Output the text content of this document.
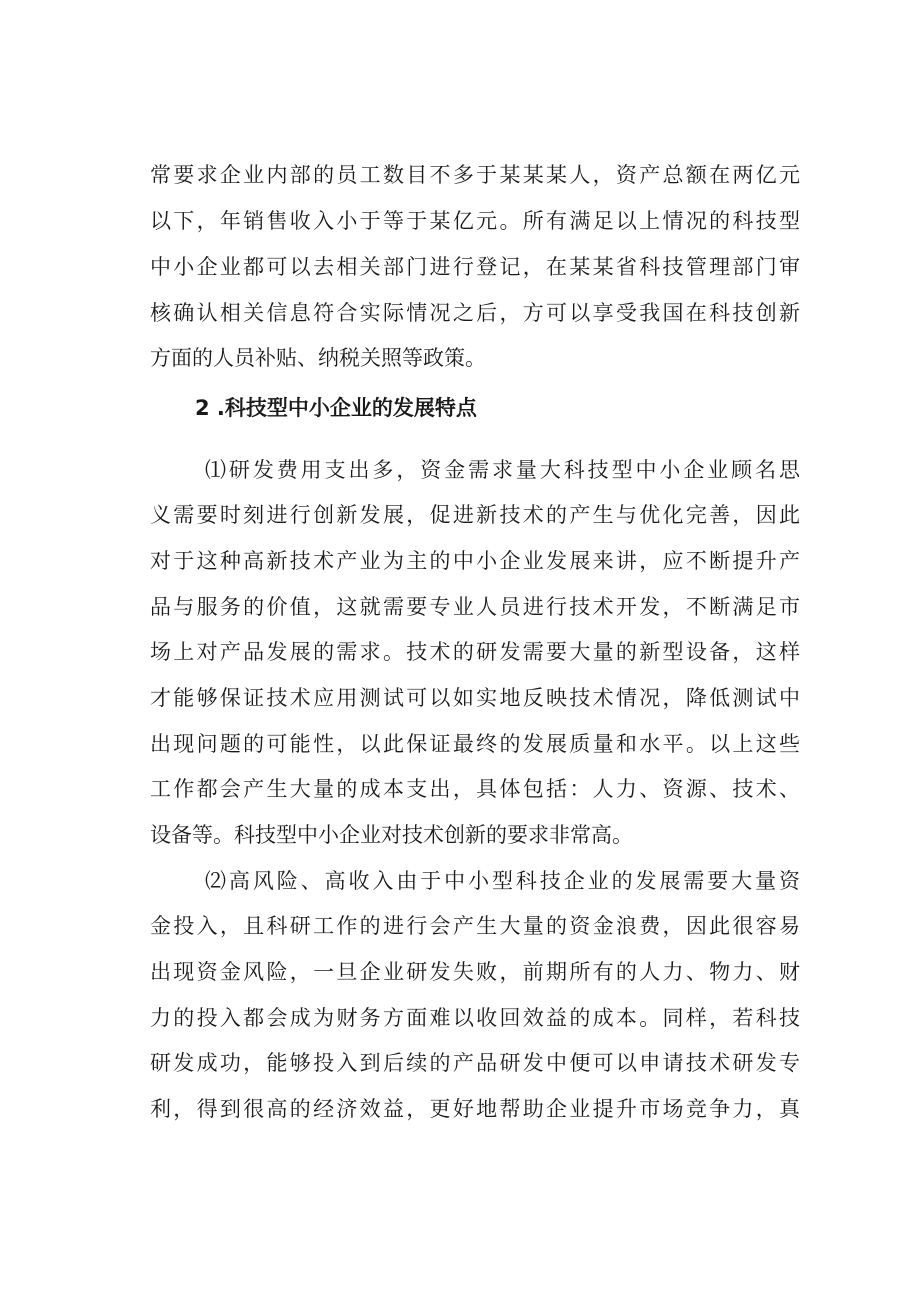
常要求企业内部的员工数目不多于某某某人，资产总额在两亿元
以下，年销售收入小于等于某亿元。所有满足以上情况的科技型
中小企业都可以去相关部门进行登记，在某某省科技管理部门审
核确认相关信息符合实际情况之后，方可以享受我国在科技创新
方面的人员补贴、纳税关照等政策。
2 .科技型中小企业的发展特点
⑴研发费用支出多，资金需求量大科技型中小企业顾名思
义需要时刻进行创新发展，促进新技术的产生与优化完善，因此
对于这种高新技术产业为主的中小企业发展来讲，应不断提升产
品与服务的价值，这就需要专业人员进行技术开发，不断满足市
场上对产品发展的需求。技术的研发需要大量的新型设备，这样
才能够保证技术应用测试可以如实地反映技术情况，降低测试中
出现问题的可能性，以此保证最终的发展质量和水平。以上这些
工作都会产生大量的成本支出，具体包括：人力、资源、技术、
设备等。科技型中小企业对技术创新的要求非常高。
⑵高风险、高收入由于中小型科技企业的发展需要大量资
金投入，且科研工作的进行会产生大量的资金浪费，因此很容易
出现资金风险，一旦企业研发失败，前期所有的人力、物力、财
力的投入都会成为财务方面难以收回效益的成本。同样，若科技
研发成功，能够投入到后续的产品研发中便可以申请技术研发专
利，得到很高的经济效益，更好地帮助企业提升市场竞争力，真
